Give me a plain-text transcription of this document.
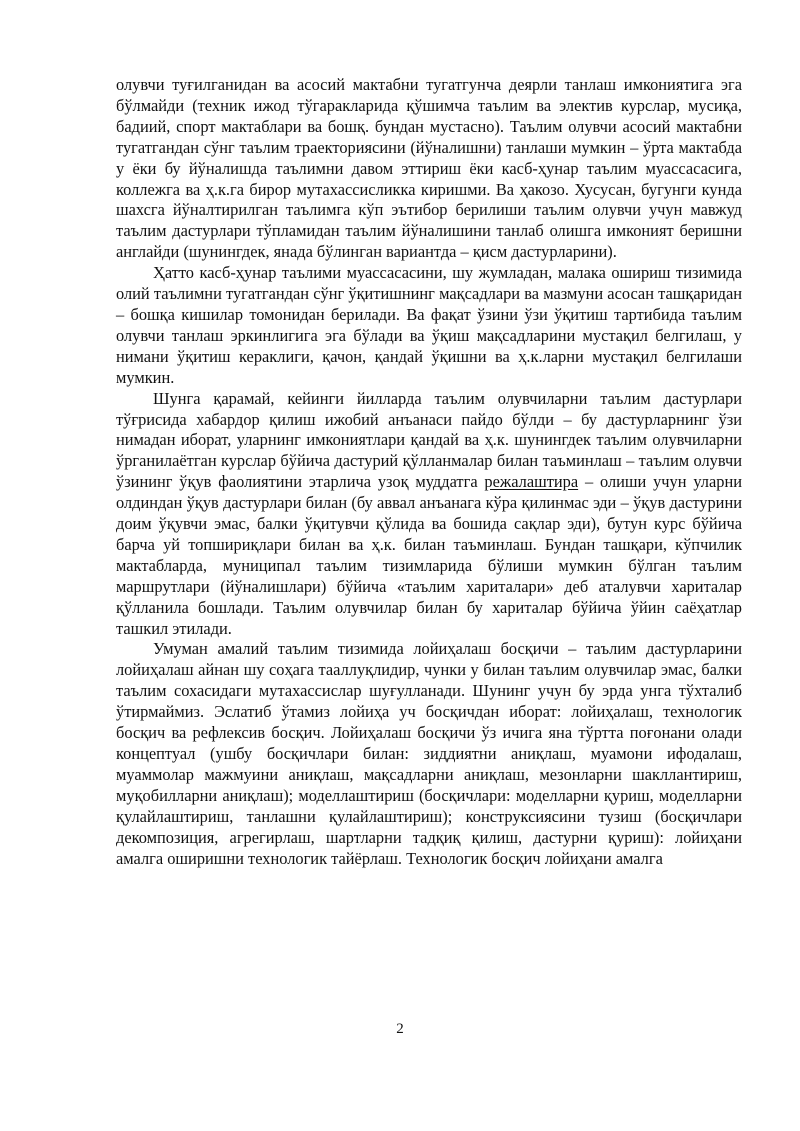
олувчи туғилганидан ва асосий мактабни тугатгунча деярли танлаш имкониятига эга бўлмайди (техник ижод тўгаракларида қўшимча таълим ва электив курслар, мусиқа, бадиий, спорт мактаблари ва бошқ. бундан мустасно). Таълим олувчи асосий мактабни тугатгандан сўнг таълим траекториясини (йўналишни) танлаши мумкин – ўрта мактабда у ёки бу йўналишда таълимни давом эттириш ёки касб-ҳунар таълим муассасасига, коллежга ва ҳ.к.га бирор мутахассисликка киришми. Ва ҳакозо. Хусусан, бугунги кунда шахсга йўналтирилган таълимга кўп эътибор берилиши таълим олувчи учун мавжуд таълим дастурлари тўпламидан таълим йўналишини танлаб олишга имконият беришни англайди (шунингдек, янада бўлинган вариантда – қисм дастурларини).

Ҳатто касб-ҳунар таълими муассасасини, шу жумладан, малака ошириш тизимида олий таълимни тугатгандан сўнг ўқитишнинг мақсадлари ва мазмуни асосан ташқаридан – бошқа кишилар томонидан берилади. Ва фақат ўзини ўзи ўқитиш тартибида таълим олувчи танлаш эркинлигига эга бўлади ва ўқиш мақсадларини мустақил белгилаш, у нимани ўқитиш кераклиги, қачон, қандай ўқишни ва ҳ.к.ларни мустақил белгилаши мумкин.

Шунга қарамай, кейинги йилларда таълим олувчиларни таълим дастурлари тўғрисида хабардор қилиш ижобий анъанаси пайдо бўлди – бу дастурларнинг ўзи нимадан иборат, уларнинг имкониятлари қандай ва ҳ.к. шунингдек таълим олувчиларни ўрганилаётган курслар бўйича дастурий қўлланмалар билан таъминлаш – таълим олувчи ўзининг ўқув фаолиятини этарлича узоқ муддатга режалаштира – олиши учун уларни олдиндан ўқув дастурлари билан (бу аввал анъанага кўра қилинмас эди – ўқув дастурини доим ўқувчи эмас, балки ўқитувчи қўлида ва бошида сақлар эди), бутун курс бўйича барча уй топшириқлари билан ва ҳ.к. билан таъминлаш. Бундан ташқари, кўпчилик мактабларда, муниципал таълим тизимларида бўлиши мумкин бўлган таълим маршрутлари (йўналишлари) бўйича «таълим хариталари» деб аталувчи хариталар қўлланила бошлади. Таълим олувчилар билан бу хариталар бўйича ўйин саёҳатлар ташкил этилади.

Умуман амалий таълим тизимида лойиҳалаш босқичи – таълим дастурларини лойиҳалаш айнан шу соҳага тааллуқлидир, чунки у билан таълим олувчилар эмас, балки таълим сохасидаги мутахассислар шуғулланади. Шунинг учун бу эрда унга тўхталиб ўтирмаймиз. Эслатиб ўтамиз лойиҳа уч босқичдан иборат: лойиҳалаш, технологик босқич ва рефлексив босқич. Лойиҳалаш босқичи ўз ичига яна тўртта поғонани олади концептуал (ушбу босқичлари билан: зиддиятни аниқлаш, муамони ифодалаш, муаммолар мажмуини аниқлаш, мақсадларни аниқлаш, мезонларни шакллантириш, муқобилларни аниқлаш); моделлаштириш (босқичлари: моделларни қуриш, моделларни қулайлаштириш, танлашни қулайлаштириш); конструксиясини тузиш (босқичлари декомпозиция, агрегирлаш, шартларни тадқиқ қилиш, дастурни қуриш): лойиҳани амалга оширишни технологик тайёрлаш. Технологик босқич лойиҳани амалга

2
